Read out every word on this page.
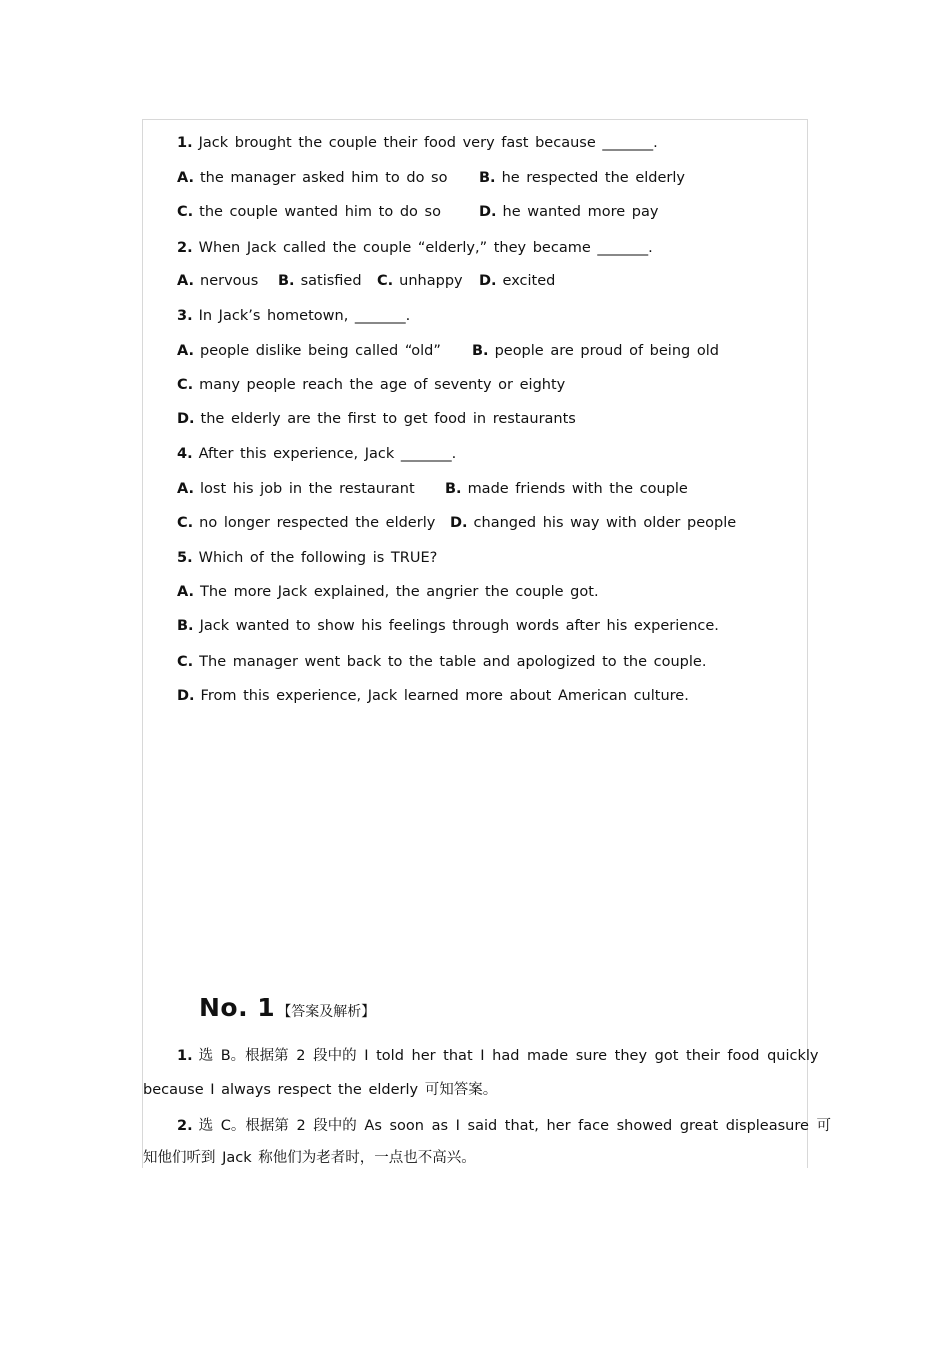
1. Jack brought the couple their food very fast because _______.
A. the manager asked him to do so B. he respected the elderly
C. the couple wanted him to do so	D. he wanted more pay
2. When Jack called the couple “elderly,” they became _______.
A. nervous B. satisfied C. unhappy D. excited
3. In Jack’s hometown, _______.
A. people dislike being called “old” B. people are proud of being old
C. many people reach the age of seventy or eighty
D. the elderly are the first to get food in restaurants
4. After this experience, Jack _______.
A. lost his job in the restaurant B. made friends with the couple
C. no longer respected the elderly D. changed his way with older people
5. Which of the following is TRUE?
A. The more Jack explained, the angrier the couple got.
B. Jack wanted to show his feelings through words after his experience.
C. The manager went back to the table and apologized to the couple.
D. From this experience, Jack learned more about American culture.
No. 1 【答案及解析】
1. 选 B。根据第 2 段中的 I told her that I had made sure they got their food quickly
because I always respect the elderly 可知答案。
2. 选 C。根据第 2 段中的 As soon as I said that, her face showed great displeasure 可
知他们听到 Jack 称他们为老者时，一点也不高兴。
